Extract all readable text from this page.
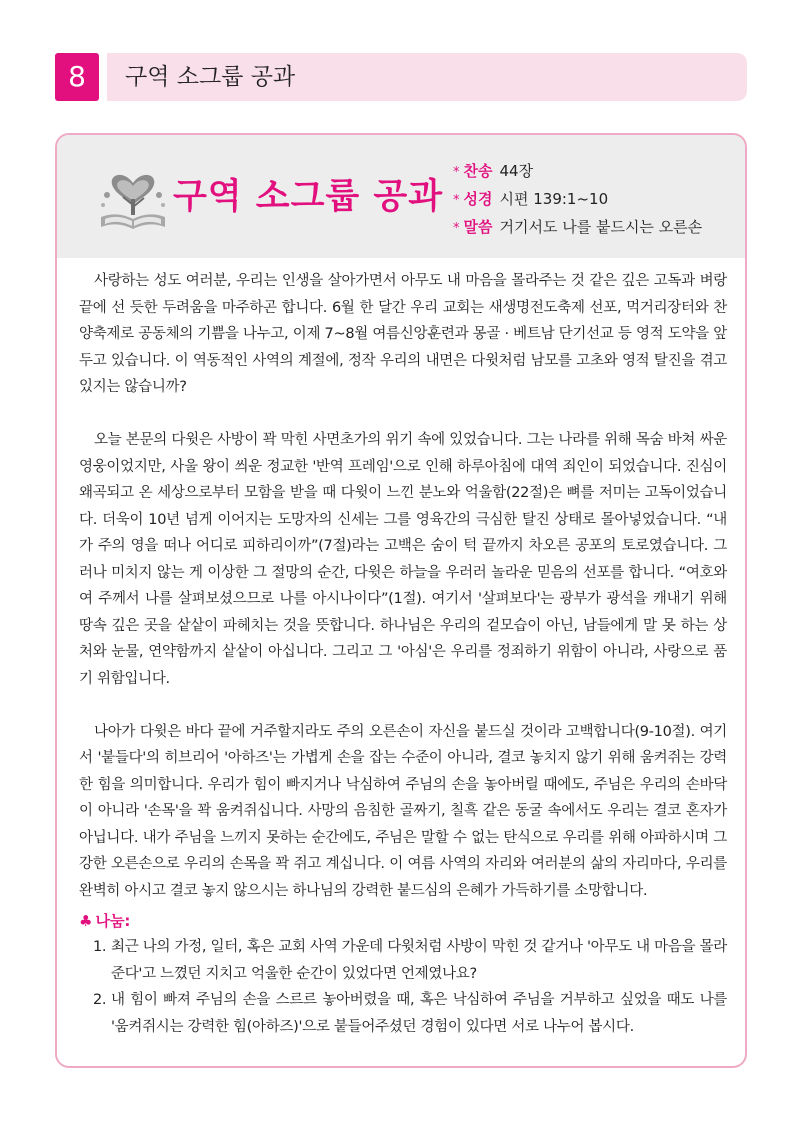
8	구역 소그룹 공과
구역 소그룹 공과
* 찬송 44장
* 성경 시편 139:1~10
* 말씀 거기서도 나를 붙드시는 오른손

사랑하는 성도 여러분, 우리는 인생을 살아가면서 아무도 내 마음을 몰라주는 것 같은 깊은 고독과 벼랑 끝에 선 듯한 두려움을 마주하곤 합니다. 6월 한 달간 우리 교회는 새생명전도축제 선포, 먹거리장터와 찬양축제로 공동체의 기쁨을 나누고, 이제 7~8월 여름신앙훈련과 몽골 · 베트남 단기선교 등 영적 도약을 앞두고 있습니다. 이 역동적인 사역의 계절에, 정작 우리의 내면은 다윗처럼 남모를 고초와 영적 탈진을 겪고 있지는 않습니까?

오늘 본문의 다윗은 사방이 꽉 막힌 사면초가의 위기 속에 있었습니다. 그는 나라를 위해 목숨 바쳐 싸운 영웅이었지만, 사울 왕이 씌운 정교한 '반역 프레임'으로 인해 하루아침에 대역 죄인이 되었습니다. 진심이 왜곡되고 온 세상으로부터 모함을 받을 때 다윗이 느낀 분노와 억울함(22절)은 뼈를 저미는 고독이었습니다. 더욱이 10년 넘게 이어지는 도망자의 신세는 그를 영육간의 극심한 탈진 상태로 몰아넣었습니다. “내가 주의 영을 떠나 어디로 피하리이까”(7절)라는 고백은 숨이 턱 끝까지 차오른 공포의 토로였습니다. 그러나 미치지 않는 게 이상한 그 절망의 순간, 다윗은 하늘을 우러러 놀라운 믿음의 선포를 합니다. “여호와여 주께서 나를 살펴보셨으므로 나를 아시나이다”(1절). 여기서 '살펴보다'는 광부가 광석을 캐내기 위해 땅속 깊은 곳을 샅샅이 파헤치는 것을 뜻합니다. 하나님은 우리의 겉모습이 아닌, 남들에게 말 못 하는 상처와 눈물, 연약함까지 샅샅이 아십니다. 그리고 그 '아심'은 우리를 정죄하기 위함이 아니라, 사랑으로 품기 위함입니다.

나아가 다윗은 바다 끝에 거주할지라도 주의 오른손이 자신을 붙드실 것이라 고백합니다(9-10절). 여기서 '붙들다'의 히브리어 '아하즈'는 가볍게 손을 잡는 수준이 아니라, 결코 놓치지 않기 위해 움켜쥐는 강력한 힘을 의미합니다. 우리가 힘이 빠지거나 낙심하여 주님의 손을 놓아버릴 때에도, 주님은 우리의 손바닥이 아니라 '손목'을 꽉 움켜쥐십니다. 사망의 음침한 골짜기, 칠흑 같은 동굴 속에서도 우리는 결코 혼자가 아닙니다. 내가 주님을 느끼지 못하는 순간에도, 주님은 말할 수 없는 탄식으로 우리를 위해 아파하시며 그 강한 오른손으로 우리의 손목을 꽉 쥐고 계십니다. 이 여름 사역의 자리와 여러분의 삶의 자리마다, 우리를 완벽히 아시고 결코 놓지 않으시는 하나님의 강력한 붙드심의 은혜가 가득하기를 소망합니다.

♣ 나눔:
1. 최근 나의 가정, 일터, 혹은 교회 사역 가운데 다윗처럼 사방이 막힌 것 같거나 '아무도 내 마음을 몰라준다'고 느꼈던 지치고 억울한 순간이 있었다면 언제였나요?
2. 내 힘이 빠져 주님의 손을 스르르 놓아버렸을 때, 혹은 낙심하여 주님을 거부하고 싶었을 때도 나를 '움켜쥐시는 강력한 힘(아하즈)'으로 붙들어주셨던 경험이 있다면 서로 나누어 봅시다.
